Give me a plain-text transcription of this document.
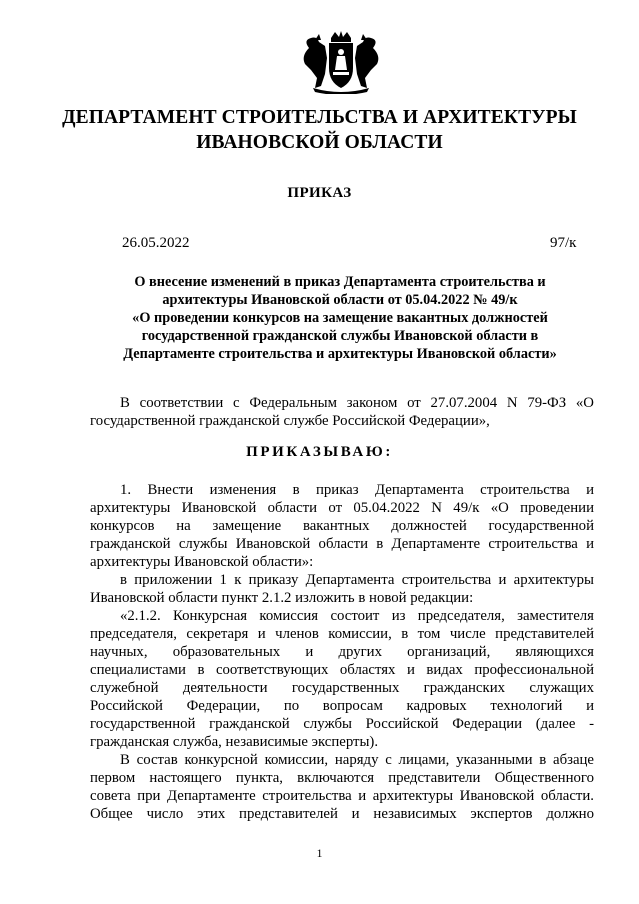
ДЕПАРТАМЕНТ СТРОИТЕЛЬСТВА И АРХИТЕКТУРЫ
ИВАНОВСКОЙ ОБЛАСТИ
ПРИКАЗ
26.05.2022	97/к
О внесение изменений в приказ Департамента строительства и
архитектуры Ивановской области от 05.04.2022 № 49/к
«О проведении конкурсов на замещение вакантных должностей
государственной гражданской службы Ивановской области в
Департаменте строительства и архитектуры Ивановской области»
В соответствии с Федеральным законом от 27.07.2004 N 79-ФЗ «О
государственной гражданской службе Российской Федерации»,
ПРИКАЗЫВАЮ:
1. Внести изменения в приказ Департамента строительства и
архитектуры Ивановской области от 05.04.2022 N 49/к «О проведении
конкурсов на замещение вакантных должностей государственной
гражданской службы Ивановской области в Департаменте строительства и
архитектуры Ивановской области»:
в приложении 1 к приказу Департамента строительства и архитектуры
Ивановской области пункт 2.1.2 изложить в новой редакции:
«2.1.2. Конкурсная комиссия состоит из председателя, заместителя
председателя, секретаря и членов комиссии, в том числе представителей
научных, образовательных и других организаций, являющихся
специалистами в соответствующих областях и видах профессиональной
служебной деятельности государственных гражданских служащих
Российской Федерации, по вопросам кадровых технологий и
государственной гражданской службы Российской Федерации (далее -
гражданская служба, независимые эксперты).
В состав конкурсной комиссии, наряду с лицами, указанными в абзаце
первом настоящего пункта, включаются представители Общественного
совета при Департаменте строительства и архитектуры Ивановской области.
Общее число этих представителей и независимых экспертов должно
1
